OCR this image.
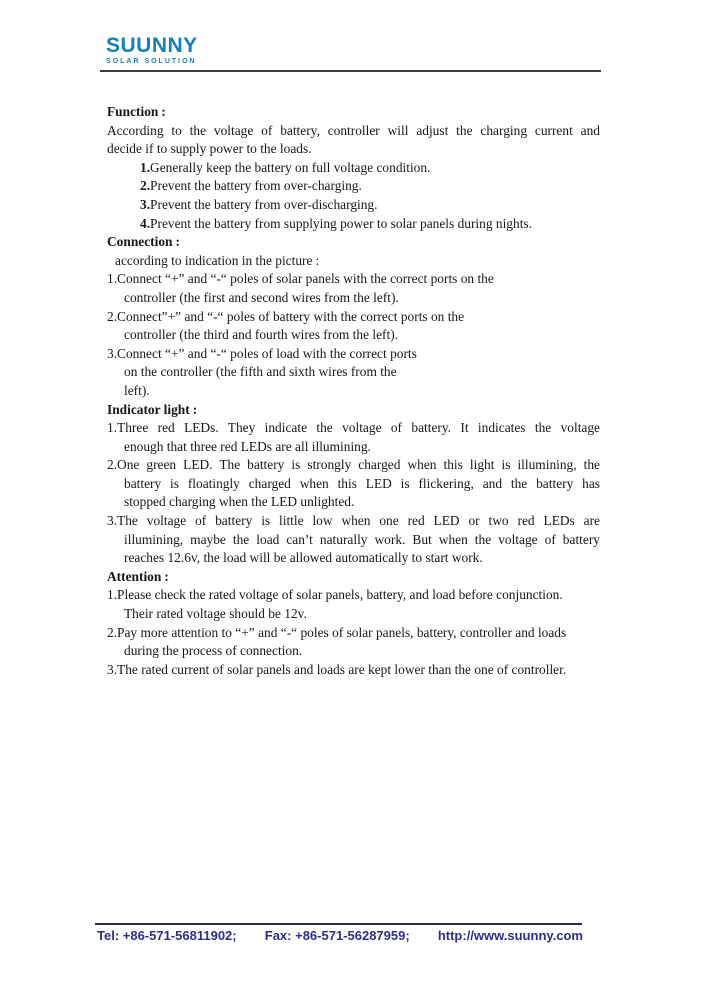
SUUNNY
SOLAR SOLUTION
Function :
According to the voltage of battery, controller will adjust the charging current and
decide if to supply power to the loads.
1.Generally keep the battery on full voltage condition.
2.Prevent the battery from over-charging.
3.Prevent the battery from over-discharging.
4.Prevent the battery from supplying power to solar panels during nights.
Connection :
according to indication in the picture :
1.Connect “+” and “-“ poles of solar panels with the correct ports on the
controller (the first and second wires from the left).
2.Connect”+” and “-“ poles of battery with the correct ports on the
controller (the third and fourth wires from the left).
3.Connect “+” and “-“ poles of load with the correct ports
on the controller (the fifth and sixth wires from the
left).
Indicator light :
1.Three red LEDs. They indicate the voltage of battery. It indicates the voltage
enough that three red LEDs are all illumining.
2.One green LED. The battery is strongly charged when this light is illumining, the
battery is floatingly charged when this LED is flickering, and the battery has
stopped charging when the LED unlighted.
3.The voltage of battery is little low when one red LED or two red LEDs are
illumining, maybe the load can’t naturally work. But when the voltage of battery
reaches 12.6v, the load will be allowed automatically to start work.
Attention :
1.Please check the rated voltage of solar panels, battery, and load before conjunction.
Their rated voltage should be 12v.
2.Pay more attention to “+” and “-“ poles of solar panels, battery, controller and loads
during the process of connection.
3.The rated current of solar panels and loads are kept lower than the one of controller.
Tel: +86-571-56811902; Fax: +86-571-56287959; http://www.suunny.com
